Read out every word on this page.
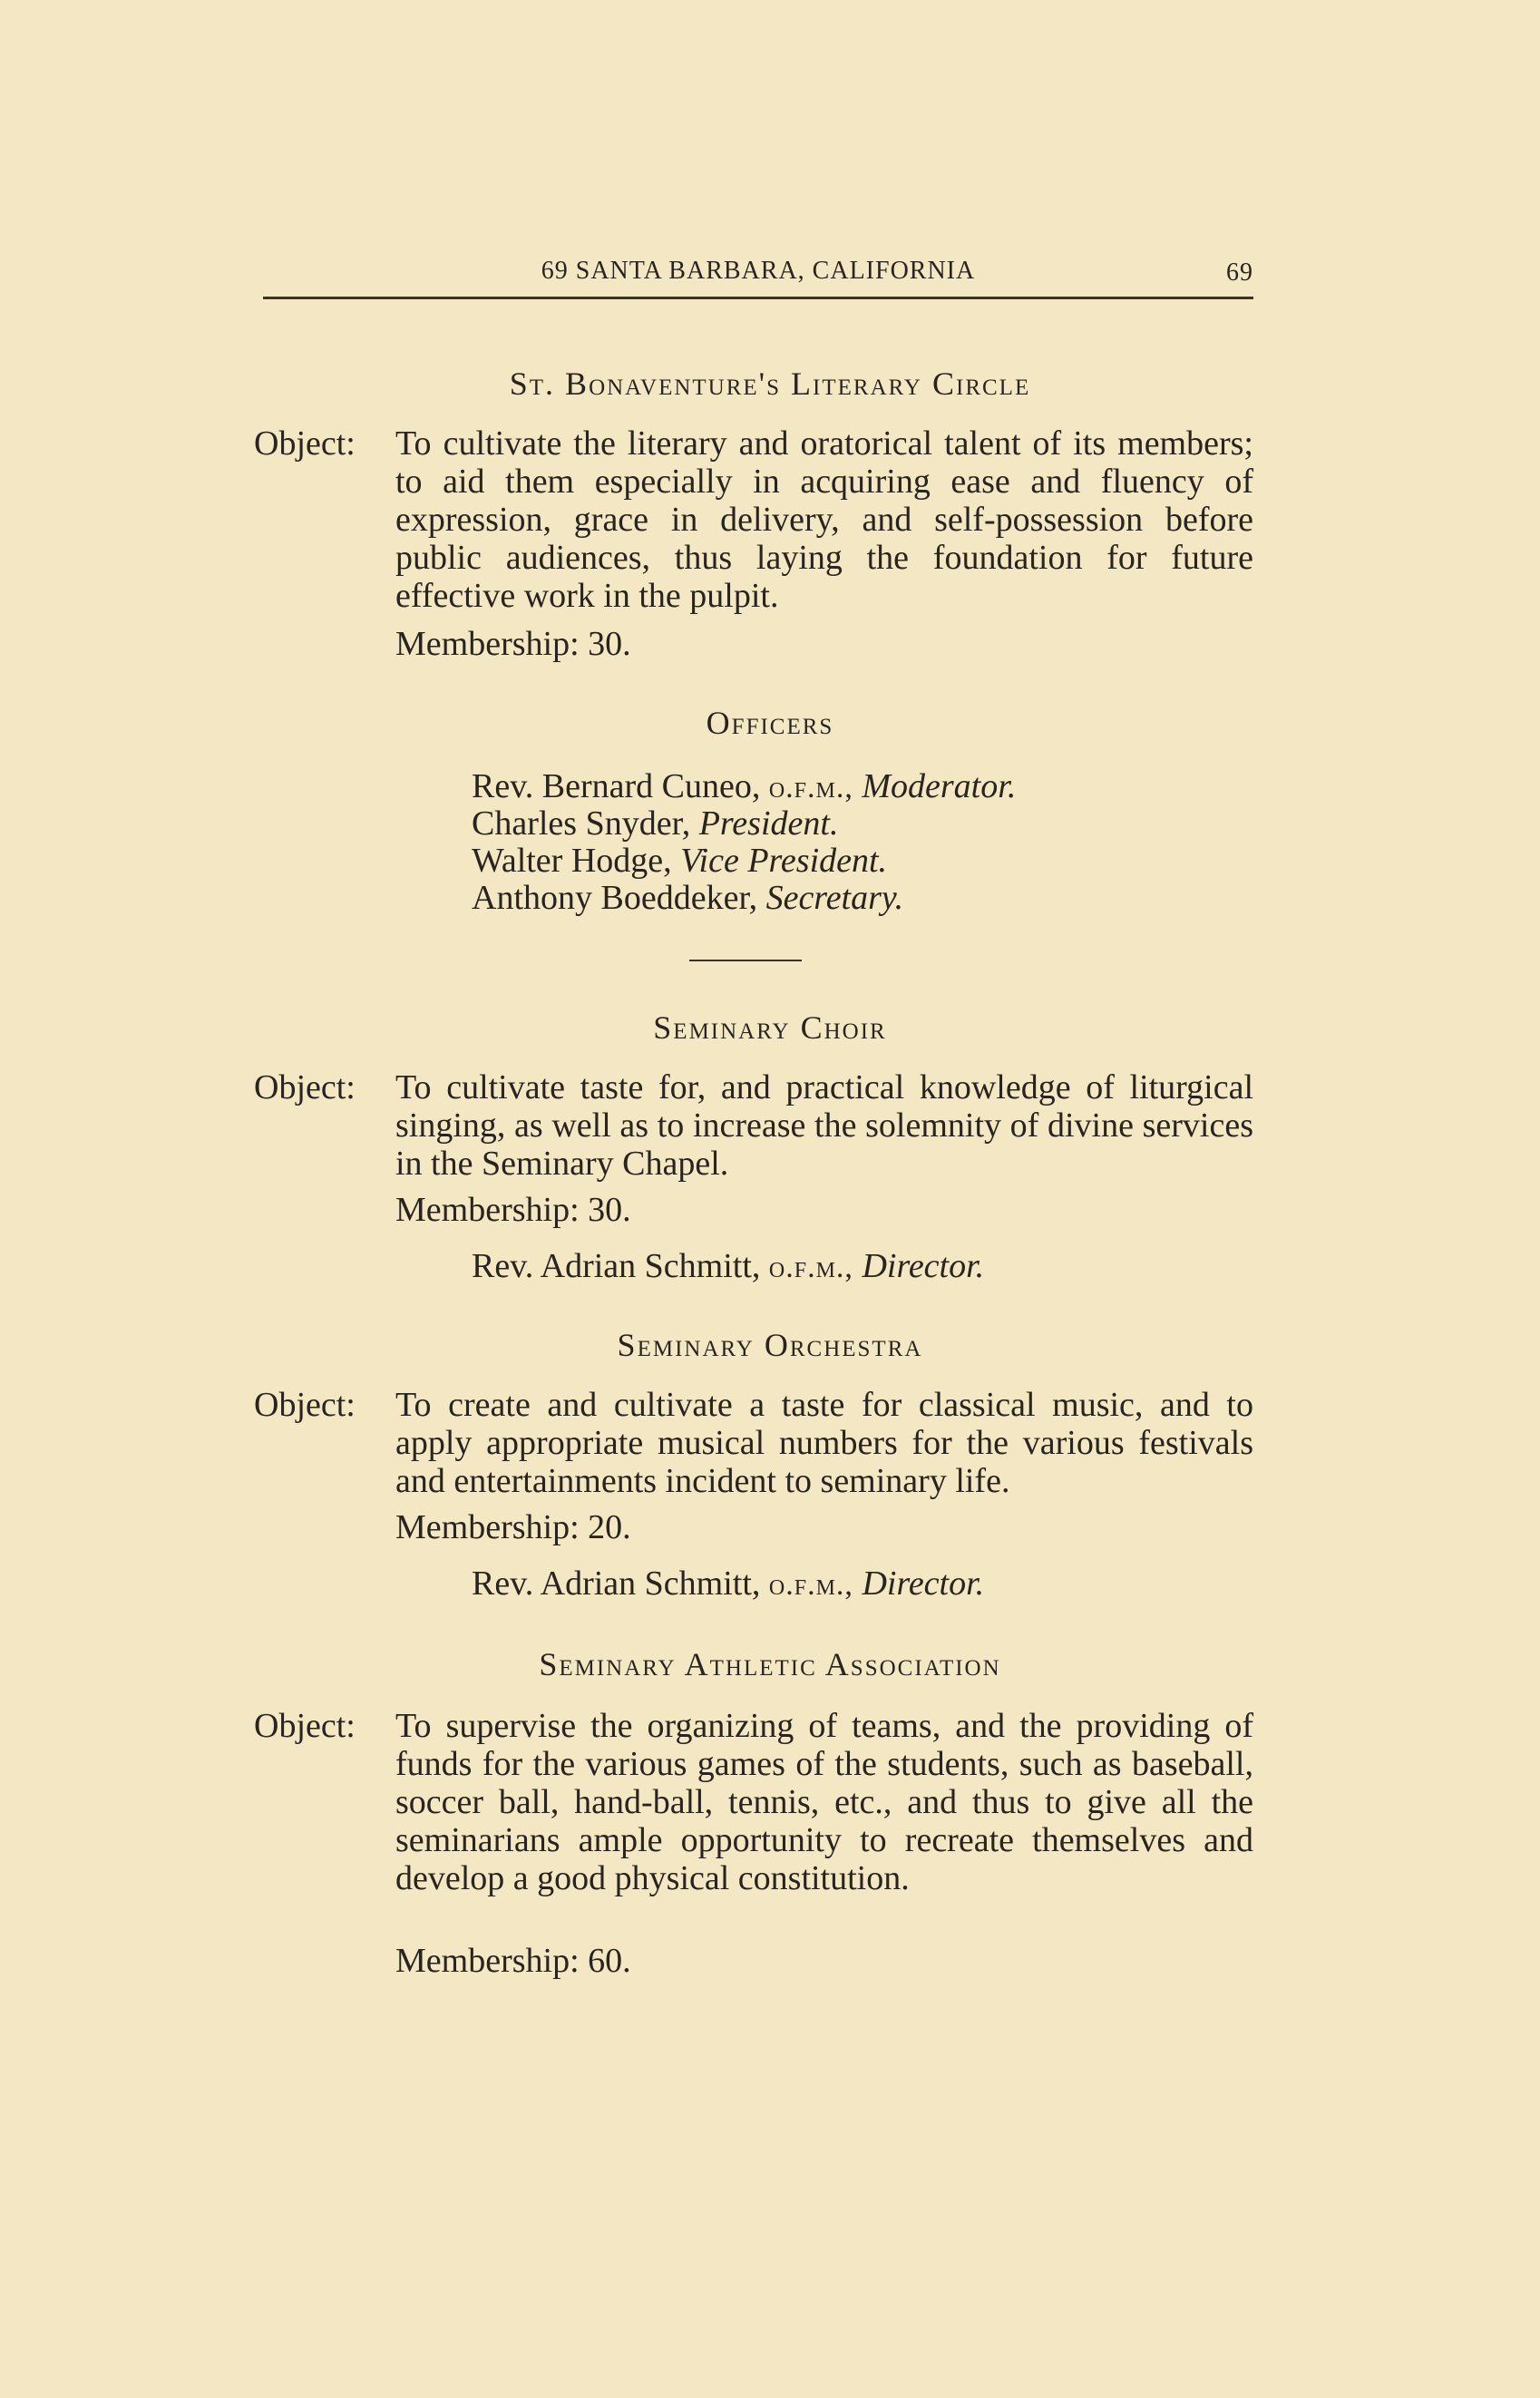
69 SANTA BARBARA, CALIFORNIA	69
St. Bonaventure's Literary Circle
Object:	To cultivate the literary and oratorical talent of its members; to aid them especially in acquiring ease and fluency of expression, grace in delivery, and self-possession before public audiences, thus laying the foundation for future effective work in the pulpit.
Membership: 30.
Officers
Rev. Bernard Cuneo, o.f.m., Moderator.
Charles Snyder, President.
Walter Hodge, Vice President.
Anthony Boeddeker, Secretary.
Seminary Choir
Object:	To cultivate taste for, and practical knowledge of liturgical singing, as well as to increase the solemnity of divine services in the Seminary Chapel.
Membership: 30.
Rev. Adrian Schmitt, o.f.m., Director.
Seminary Orchestra
Object:	To create and cultivate a taste for classical music, and to apply appropriate musical numbers for the various festivals and entertainments incident to seminary life.
Membership: 20.
Rev. Adrian Schmitt, o.f.m., Director.
Seminary Athletic Association
Object:	To supervise the organizing of teams, and the providing of funds for the various games of the students, such as baseball, soccer ball, hand-ball, tennis, etc., and thus to give all the seminarians ample opportunity to recreate themselves and develop a good physical constitution.
Membership: 60.
